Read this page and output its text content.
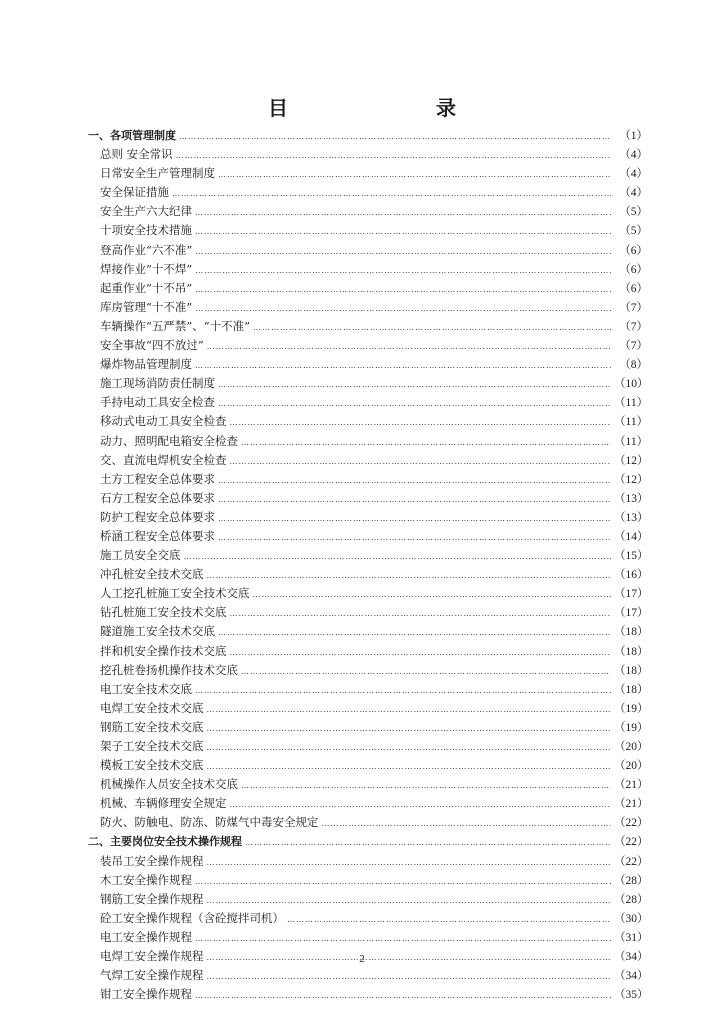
目　　录
一、各项管理制度 …………………………………………………………………………………………………………………………………………………………………………………………………………………………………………	（1）
总则 安全常识 …………………………………………………………………………………………………………………………………………………………………………………………………………………………………………	（4）
日常安全生产管理制度 …………………………………………………………………………………………………………………………………………………………………………………………………………………………………………	（4）
安全保证措施 …………………………………………………………………………………………………………………………………………………………………………………………………………………………………………	（4）
安全生产六大纪律 …………………………………………………………………………………………………………………………………………………………………………………………………………………………………………	（5）
十项安全技术措施 …………………………………………………………………………………………………………………………………………………………………………………………………………………………………………	（5）
登高作业“六不准” …………………………………………………………………………………………………………………………………………………………………………………………………………………………………………	（6）
焊接作业“十不焊” …………………………………………………………………………………………………………………………………………………………………………………………………………………………………………	（6）
起重作业“十不吊” …………………………………………………………………………………………………………………………………………………………………………………………………………………………………………	（6）
库房管理“十不准” …………………………………………………………………………………………………………………………………………………………………………………………………………………………………………	（7）
车辆操作“五严禁”、“十不准” …………………………………………………………………………………………………………………………………………………………………………………………………………………………………………	（7）
安全事故“四不放过” …………………………………………………………………………………………………………………………………………………………………………………………………………………………………………	（7）
爆炸物品管理制度 …………………………………………………………………………………………………………………………………………………………………………………………………………………………………………	（8）
施工现场消防责任制度 …………………………………………………………………………………………………………………………………………………………………………………………………………………………………………	（10）
手持电动工具安全检查 …………………………………………………………………………………………………………………………………………………………………………………………………………………………………………	（11）
移动式电动工具安全检查 …………………………………………………………………………………………………………………………………………………………………………………………………………………………………………	（11）
动力、照明配电箱安全检查 …………………………………………………………………………………………………………………………………………………………………………………………………………………………………………	（11）
交、直流电焊机安全检查 …………………………………………………………………………………………………………………………………………………………………………………………………………………………………………	（12）
土方工程安全总体要求 …………………………………………………………………………………………………………………………………………………………………………………………………………………………………………	（12）
石方工程安全总体要求 …………………………………………………………………………………………………………………………………………………………………………………………………………………………………………	（13）
防护工程安全总体要求 …………………………………………………………………………………………………………………………………………………………………………………………………………………………………………	（13）
桥涵工程安全总体要求 …………………………………………………………………………………………………………………………………………………………………………………………………………………………………………	（14）
施工员安全交底 …………………………………………………………………………………………………………………………………………………………………………………………………………………………………………	（15）
冲孔桩安全技术交底 …………………………………………………………………………………………………………………………………………………………………………………………………………………………………………	（16）
人工挖孔桩施工安全技术交底 …………………………………………………………………………………………………………………………………………………………………………………………………………………………………………	（17）
钻孔桩施工安全技术交底 …………………………………………………………………………………………………………………………………………………………………………………………………………………………………………	（17）
隧道施工安全技术交底 …………………………………………………………………………………………………………………………………………………………………………………………………………………………………………	（18）
拌和机安全操作技术交底 …………………………………………………………………………………………………………………………………………………………………………………………………………………………………………	（18）
挖孔桩卷扬机操作技术交底 …………………………………………………………………………………………………………………………………………………………………………………………………………………………………………	（18）
电工安全技术交底 …………………………………………………………………………………………………………………………………………………………………………………………………………………………………………	（18）
电焊工安全技术交底 …………………………………………………………………………………………………………………………………………………………………………………………………………………………………………	（19）
钢筋工安全技术交底 …………………………………………………………………………………………………………………………………………………………………………………………………………………………………………	（19）
架子工安全技术交底 …………………………………………………………………………………………………………………………………………………………………………………………………………………………………………	（20）
模板工安全技术交底 …………………………………………………………………………………………………………………………………………………………………………………………………………………………………………	（20）
机械操作人员安全技术交底 …………………………………………………………………………………………………………………………………………………………………………………………………………………………………………	（21）
机械、车辆修理安全规定 …………………………………………………………………………………………………………………………………………………………………………………………………………………………………………	（21）
防火、防触电、防冻、防煤气中毒安全规定 …………………………………………………………………………………………………………………………………………………………………………………………………………………………………………	（22）
二、主要岗位安全技术操作规程 …………………………………………………………………………………………………………………………………………………………………………………………………………………………………………	（22）
装吊工安全操作规程 …………………………………………………………………………………………………………………………………………………………………………………………………………………………………………	（22）
木工安全操作规程 …………………………………………………………………………………………………………………………………………………………………………………………………………………………………………	（28）
钢筋工安全操作规程 …………………………………………………………………………………………………………………………………………………………………………………………………………………………………………	（28）
砼工安全操作规程（含砼搅拌司机） …………………………………………………………………………………………………………………………………………………………………………………………………………………………………………	（30）
电工安全操作规程 …………………………………………………………………………………………………………………………………………………………………………………………………………………………………………	（31）
电焊工安全操作规程 …………………………………………………………………………………………………………………………………………………………………………………………………………………………………………	（34）
气焊工安全操作规程 …………………………………………………………………………………………………………………………………………………………………………………………………………………………………………	（34）
钳工安全操作规程 …………………………………………………………………………………………………………………………………………………………………………………………………………………………………………	（35）
2
